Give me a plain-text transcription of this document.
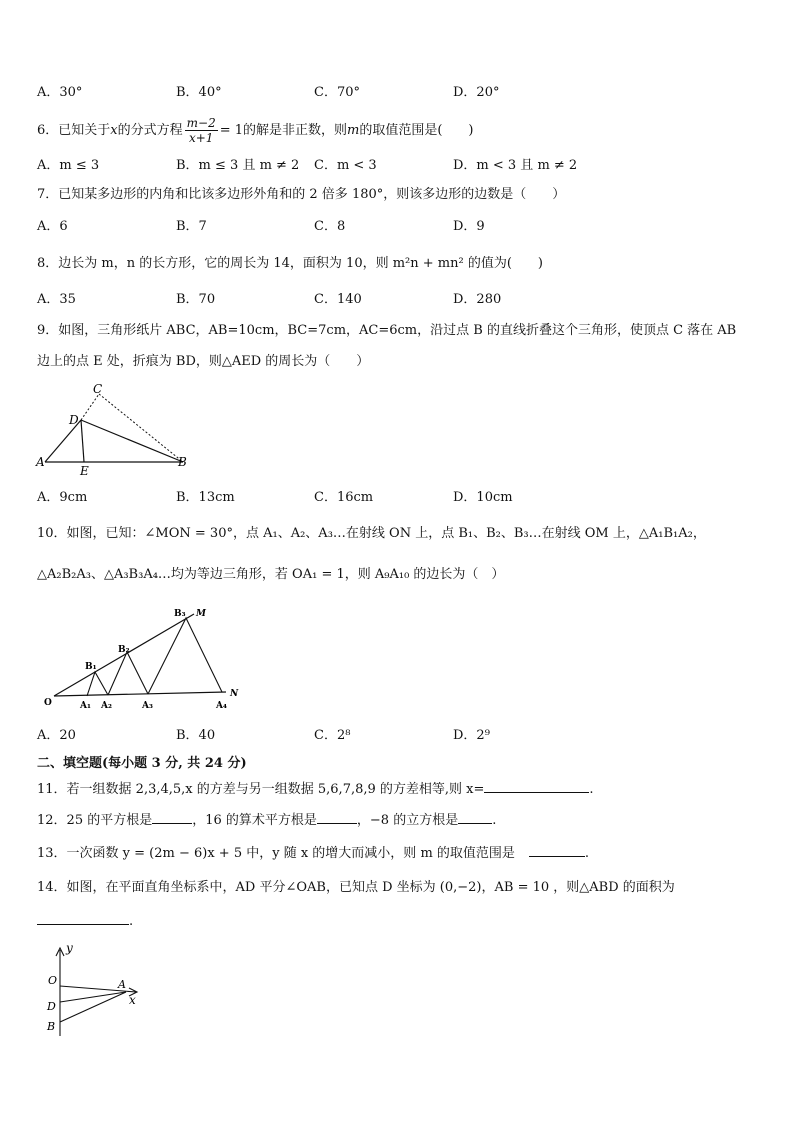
A．30°	B．40°	C．70°	D．20°
6．已知关于x的分式方程 $\frac{m-2}{x+1} = 1$的解是非正数，则m的取值范围是(　　)
A．m ≤ 3	B．m ≤ 3 且 m ≠ 2 C．m < 3	D．m < 3 且 m ≠ 2
7．已知某多边形的内角和比该多边形外角和的 2 倍多 180°，则该多边形的边数是（　　）
A．6	B．7	C．8	D．9
8．边长为 m，n 的长方形，它的周长为 14，面积为 10，则 m²n + mn² 的值为(　　)
A．35	B．70	C．140	D．280
9．如图，三角形纸片 ABC，AB=10cm，BC=7cm，AC=6cm，沿过点 B 的直线折叠这个三角形，使顶点 C 落在 AB
边上的点 E 处，折痕为 BD，则△AED 的周长为（　　）
A	B
C
D
E
A．9cm	B．13cm	C．16cm	D．10cm
10．如图，已知：∠MON = 30°，点 A₁、A₂、A₃…在射线 ON 上，点 B₁、B₂、B₃…在射线 OM 上，△A₁B₁A₂，
△A₂B₂A₃、△A₃B₃A₄…均为等边三角形，若 OA₁ = 1，则 A₉A₁₀ 的边长为（　）
O
M
N
A₁ A₂	A₃	A₄
B₁
B₂
B₃
A．20	B．40	C．2⁸	D．2⁹
二、填空题(每小题 3 分, 共 24 分)
11．若一组数据 2,3,4,5,x 的方差与另一组数据 5,6,7,8,9 的方差相等,则 x=	.
12．25 的平方根是	，16 的算术平方根是	，−8 的立方根是	.
13．一次函数 y = (2m − 6)x + 5 中，y 随 x 的增大而减小，则 m 的取值范围是	.
14．如图，在平面直角坐标系中，AD 平分∠OAB，已知点 D 坐标为 (0,−2)，AB = 10 ，则△ABD 的面积为
.
y
x
O	A
D
B
